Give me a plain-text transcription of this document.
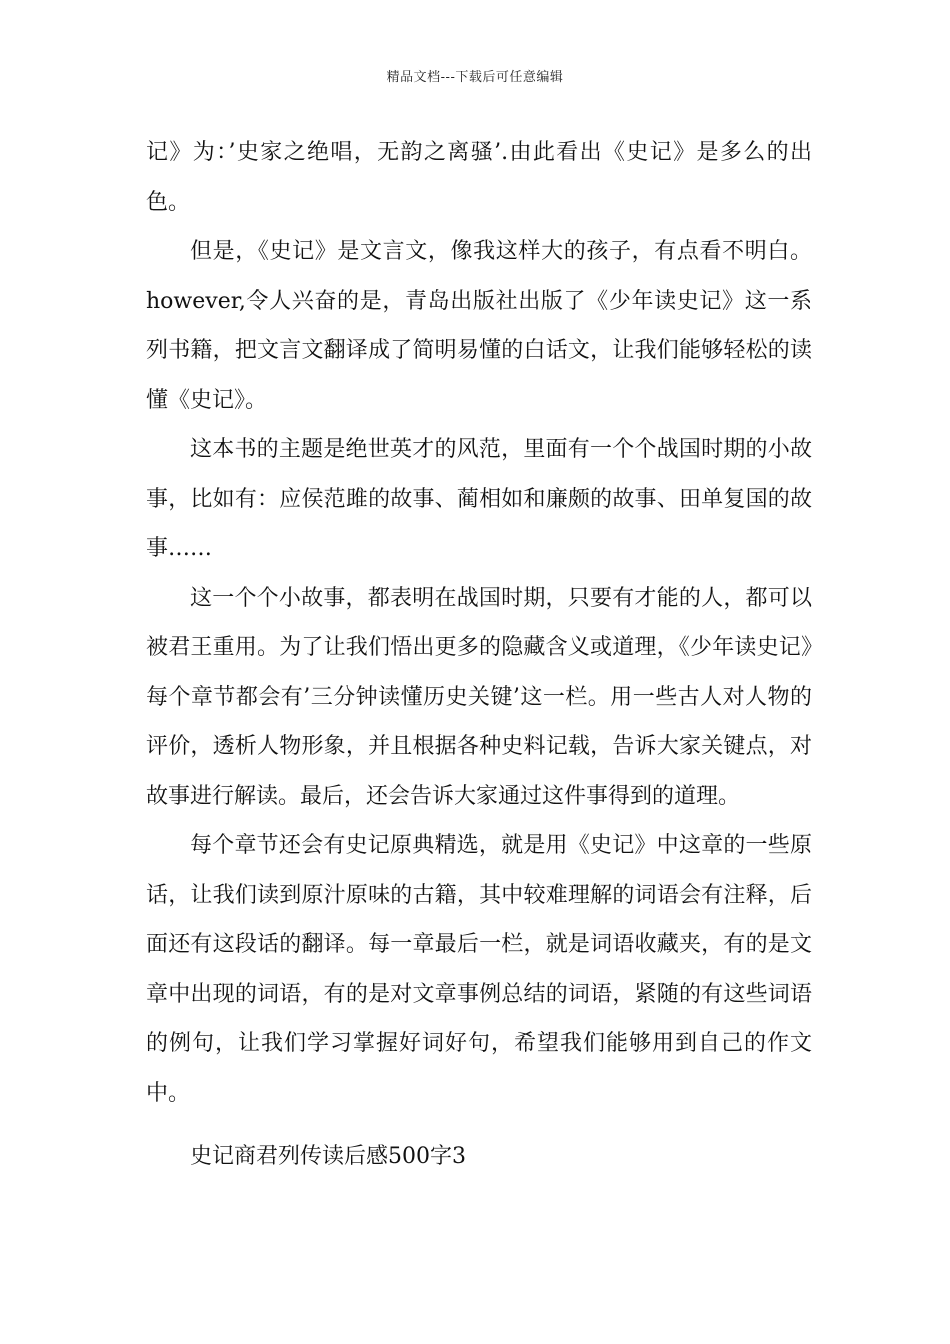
精品文档---下载后可任意编辑

记》为：’史家之绝唱，无韵之离骚’.由此看出《史记》是多么的出色。

但是，《史记》是文言文，像我这样大的孩子，有点看不明白。however,令人兴奋的是，青岛出版社出版了《少年读史记》这一系列书籍，把文言文翻译成了简明易懂的白话文，让我们能够轻松的读懂《史记》。

这本书的主题是绝世英才的风范，里面有一个个战国时期的小故事，比如有：应侯范雎的故事、蔺相如和廉颇的故事、田单复国的故事……

这一个个小故事，都表明在战国时期，只要有才能的人，都可以被君王重用。为了让我们悟出更多的隐藏含义或道理，《少年读史记》每个章节都会有’三分钟读懂历史关键’这一栏。用一些古人对人物的评价，透析人物形象，并且根据各种史料记载，告诉大家关键点，对故事进行解读。最后，还会告诉大家通过这件事得到的道理。

每个章节还会有史记原典精选，就是用《史记》中这章的一些原话，让我们读到原汁原味的古籍，其中较难理解的词语会有注释，后面还有这段话的翻译。每一章最后一栏，就是词语收藏夹，有的是文章中出现的词语，有的是对文章事例总结的词语，紧随的有这些词语的例句，让我们学习掌握好词好句，希望我们能够用到自己的作文中。

史记商君列传读后感500字3
